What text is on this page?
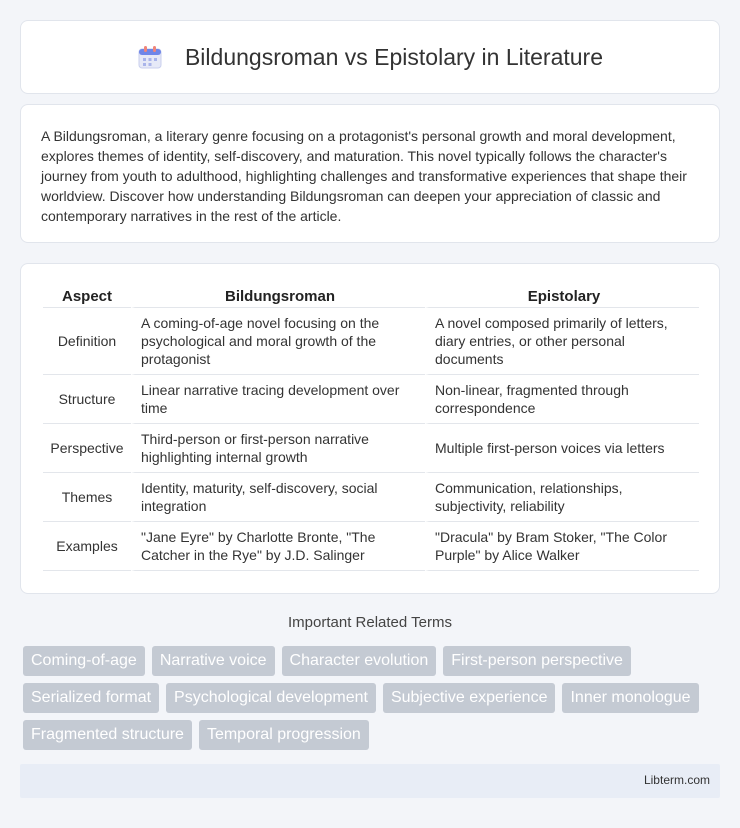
Bildungsroman vs Epistolary in Literature

A Bildungsroman, a literary genre focusing on a protagonist's personal growth and moral development, explores themes of identity, self-discovery, and maturation. This novel typically follows the character's journey from youth to adulthood, highlighting challenges and transformative experiences that shape their worldview. Discover how understanding Bildungsroman can deepen your appreciation of classic and contemporary narratives in the rest of the article.

Aspect	Bildungsroman	Epistolary
Definition	A coming-of-age novel focusing on the psychological and moral growth of the protagonist	A novel composed primarily of letters, diary entries, or other personal documents
Structure	Linear narrative tracing development over time	Non-linear, fragmented through correspondence
Perspective	Third-person or first-person narrative highlighting internal growth	Multiple first-person voices via letters
Themes	Identity, maturity, self-discovery, social integration	Communication, relationships, subjectivity, reliability
Examples	"Jane Eyre" by Charlotte Bronte, "The Catcher in the Rye" by J.D. Salinger	"Dracula" by Bram Stoker, "The Color Purple" by Alice Walker
Important Related Terms
Coming-of-age	Narrative voice	Character evolution	First-person perspective
Serialized format	Psychological development	Subjective experience	Inner monologue
Fragmented structure	Temporal progression
Libterm.com
